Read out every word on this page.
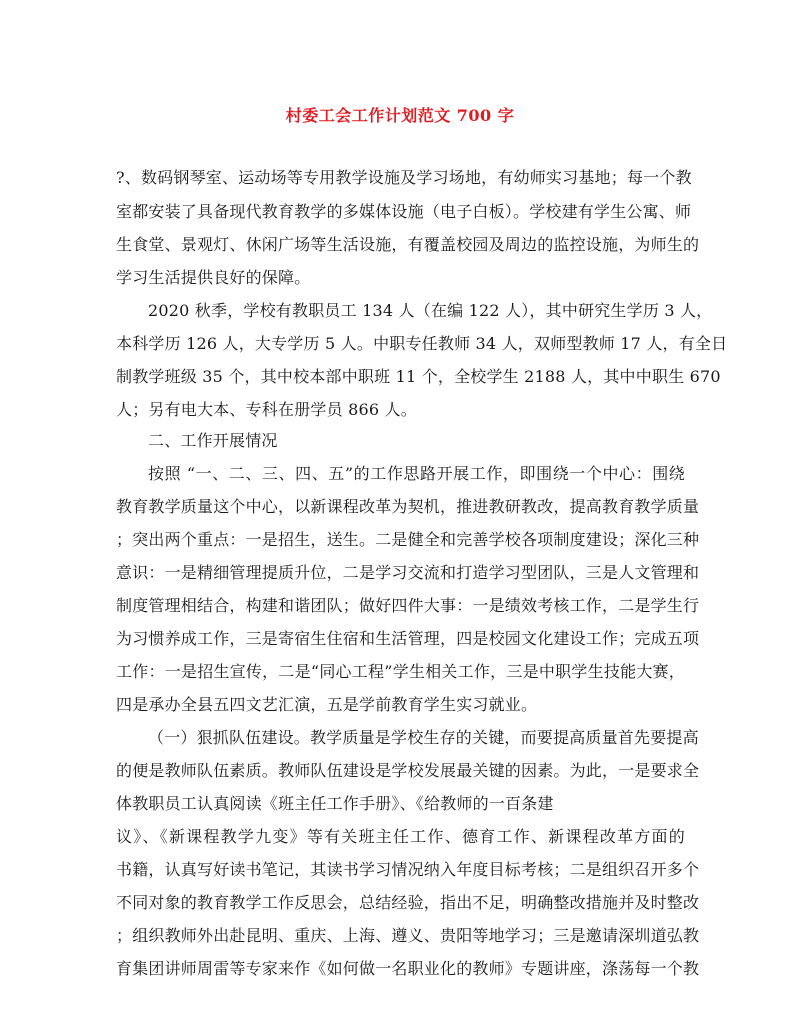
村委工会工作计划范文 700 字
?、数码钢琴室、运动场等专用教学设施及学习场地，有幼师实习基地；每一个教
室都安装了具备现代教育教学的多媒体设施（电子白板）。学校建有学生公寓、师
生食堂、景观灯、休闲广场等生活设施，有覆盖校园及周边的监控设施，为师生的
学习生活提供良好的保障。
2020 秋季，学校有教职员工 134 人（在编 122 人），其中研究生学历 3 人，
本科学历 126 人，大专学历 5 人。中职专任教师 34 人，双师型教师 17 人，有全日
制教学班级 35 个，其中校本部中职班 11 个，全校学生 2188 人，其中中职生 670
人；另有电大本、专科在册学员 866 人。
二、工作开展情况
按照 “一、二、三、四、五”的工作思路开展工作，即围绕一个中心：围绕
教育教学质量这个中心，以新课程改革为契机，推进教研教改，提高教育教学质量
；突出两个重点：一是招生，送生。二是健全和完善学校各项制度建设；深化三种
意识：一是精细管理提质升位，二是学习交流和打造学习型团队，三是人文管理和
制度管理相结合，构建和谐团队；做好四件大事：一是绩效考核工作，二是学生行
为习惯养成工作，三是寄宿生住宿和生活管理，四是校园文化建设工作；完成五项
工作：一是招生宣传，二是“同心工程”学生相关工作，三是中职学生技能大赛，
四是承办全县五四文艺汇演，五是学前教育学生实习就业。
（一）狠抓队伍建设。教学质量是学校生存的关键，而要提高质量首先要提高
的便是教师队伍素质。教师队伍建设是学校发展最关键的因素。为此，一是要求全
体教职员工认真阅读《班主任工作手册》、《给教师的一百条建
议》、《新课程教学九变》等有关班主任工作、德育工作、新课程改革方面的
书籍，认真写好读书笔记，其读书学习情况纳入年度目标考核；二是组织召开多个
不同对象的教育教学工作反思会，总结经验，指出不足，明确整改措施并及时整改
；组织教师外出赴昆明、重庆、上海、遵义、贵阳等地学习；三是邀请深圳道弘教
育集团讲师周雷等专家来作《如何做一名职业化的教师》专题讲座，涤荡每一个教
